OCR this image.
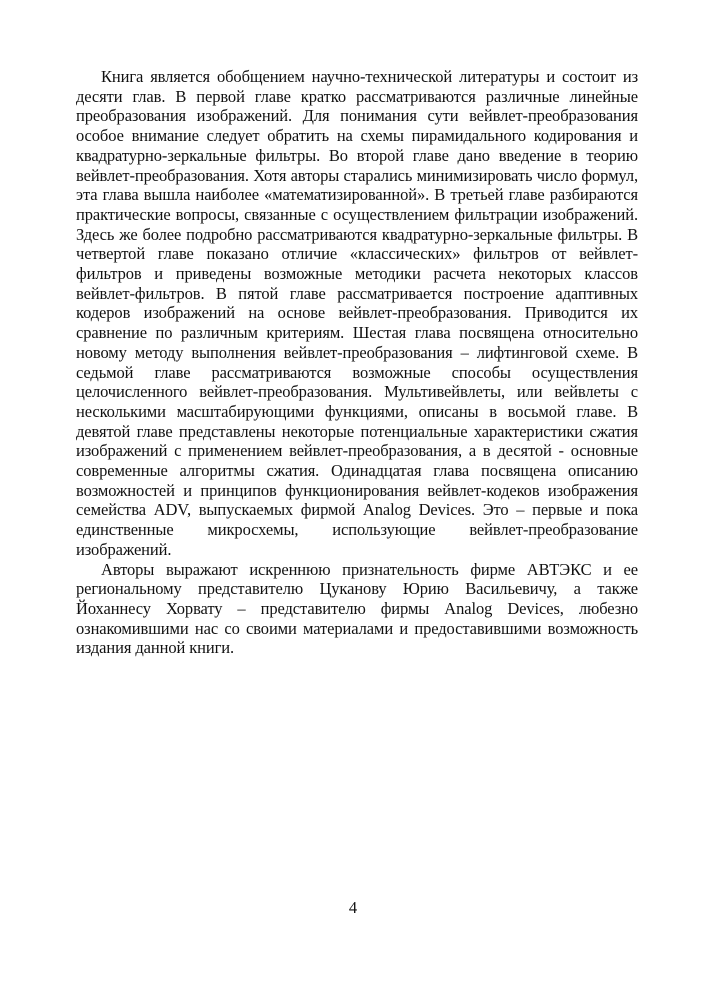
Книга является обобщением научно-технической литературы и состоит из десяти глав. В первой главе кратко рассматриваются различные линейные преобразования изображений. Для понимания сути вейвлет-преобразования особое внимание следует обратить на схемы пирамидального кодирования и квадратурно-зеркальные фильтры. Во второй главе дано введение в теорию вейвлет-преобразования. Хотя авторы старались минимизировать число формул, эта глава вышла наиболее «математизированной». В третьей главе разбираются практические вопросы, связанные с осуществлением фильтрации изображений. Здесь же более подробно рассматриваются квадратурно-зеркальные фильтры. В четвертой главе показано отличие «классических» фильтров от вейвлет-фильтров и приведены возможные методики расчета некоторых классов вейвлет-фильтров. В пятой главе рассматривается построение адаптивных кодеров изображений на основе вейвлет-преобразования. Приводится их сравнение по различным критериям. Шестая глава посвящена относительно новому методу выполнения вейвлет-преобразования – лифтинговой схеме. В седьмой главе рассматриваются возможные способы осуществления целочисленного вейвлет-преобразования. Мультивейвлеты, или вейвлеты с несколькими масштабирующими функциями, описаны в восьмой главе. В девятой главе представлены некоторые потенциальные характеристики сжатия изображений с применением вейвлет-преобразования, а в десятой - основные современные алгоритмы сжатия. Одинадцатая глава посвящена описанию возможностей и принципов функционирования вейвлет-кодеков изображения семейства ADV, выпускаемых фирмой Analog Devices. Это – первые и пока единственные микросхемы, использующие вейвлет-преобразование изображений.

Авторы выражают искреннюю признательность фирме АВТЭКС и ее региональному представителю Цуканову Юрию Васильевичу, а также Йоханнесу Хорвату – представителю фирмы Analog Devices, любезно ознакомившими нас со своими материалами и предоставившими возможность издания данной книги.

4
